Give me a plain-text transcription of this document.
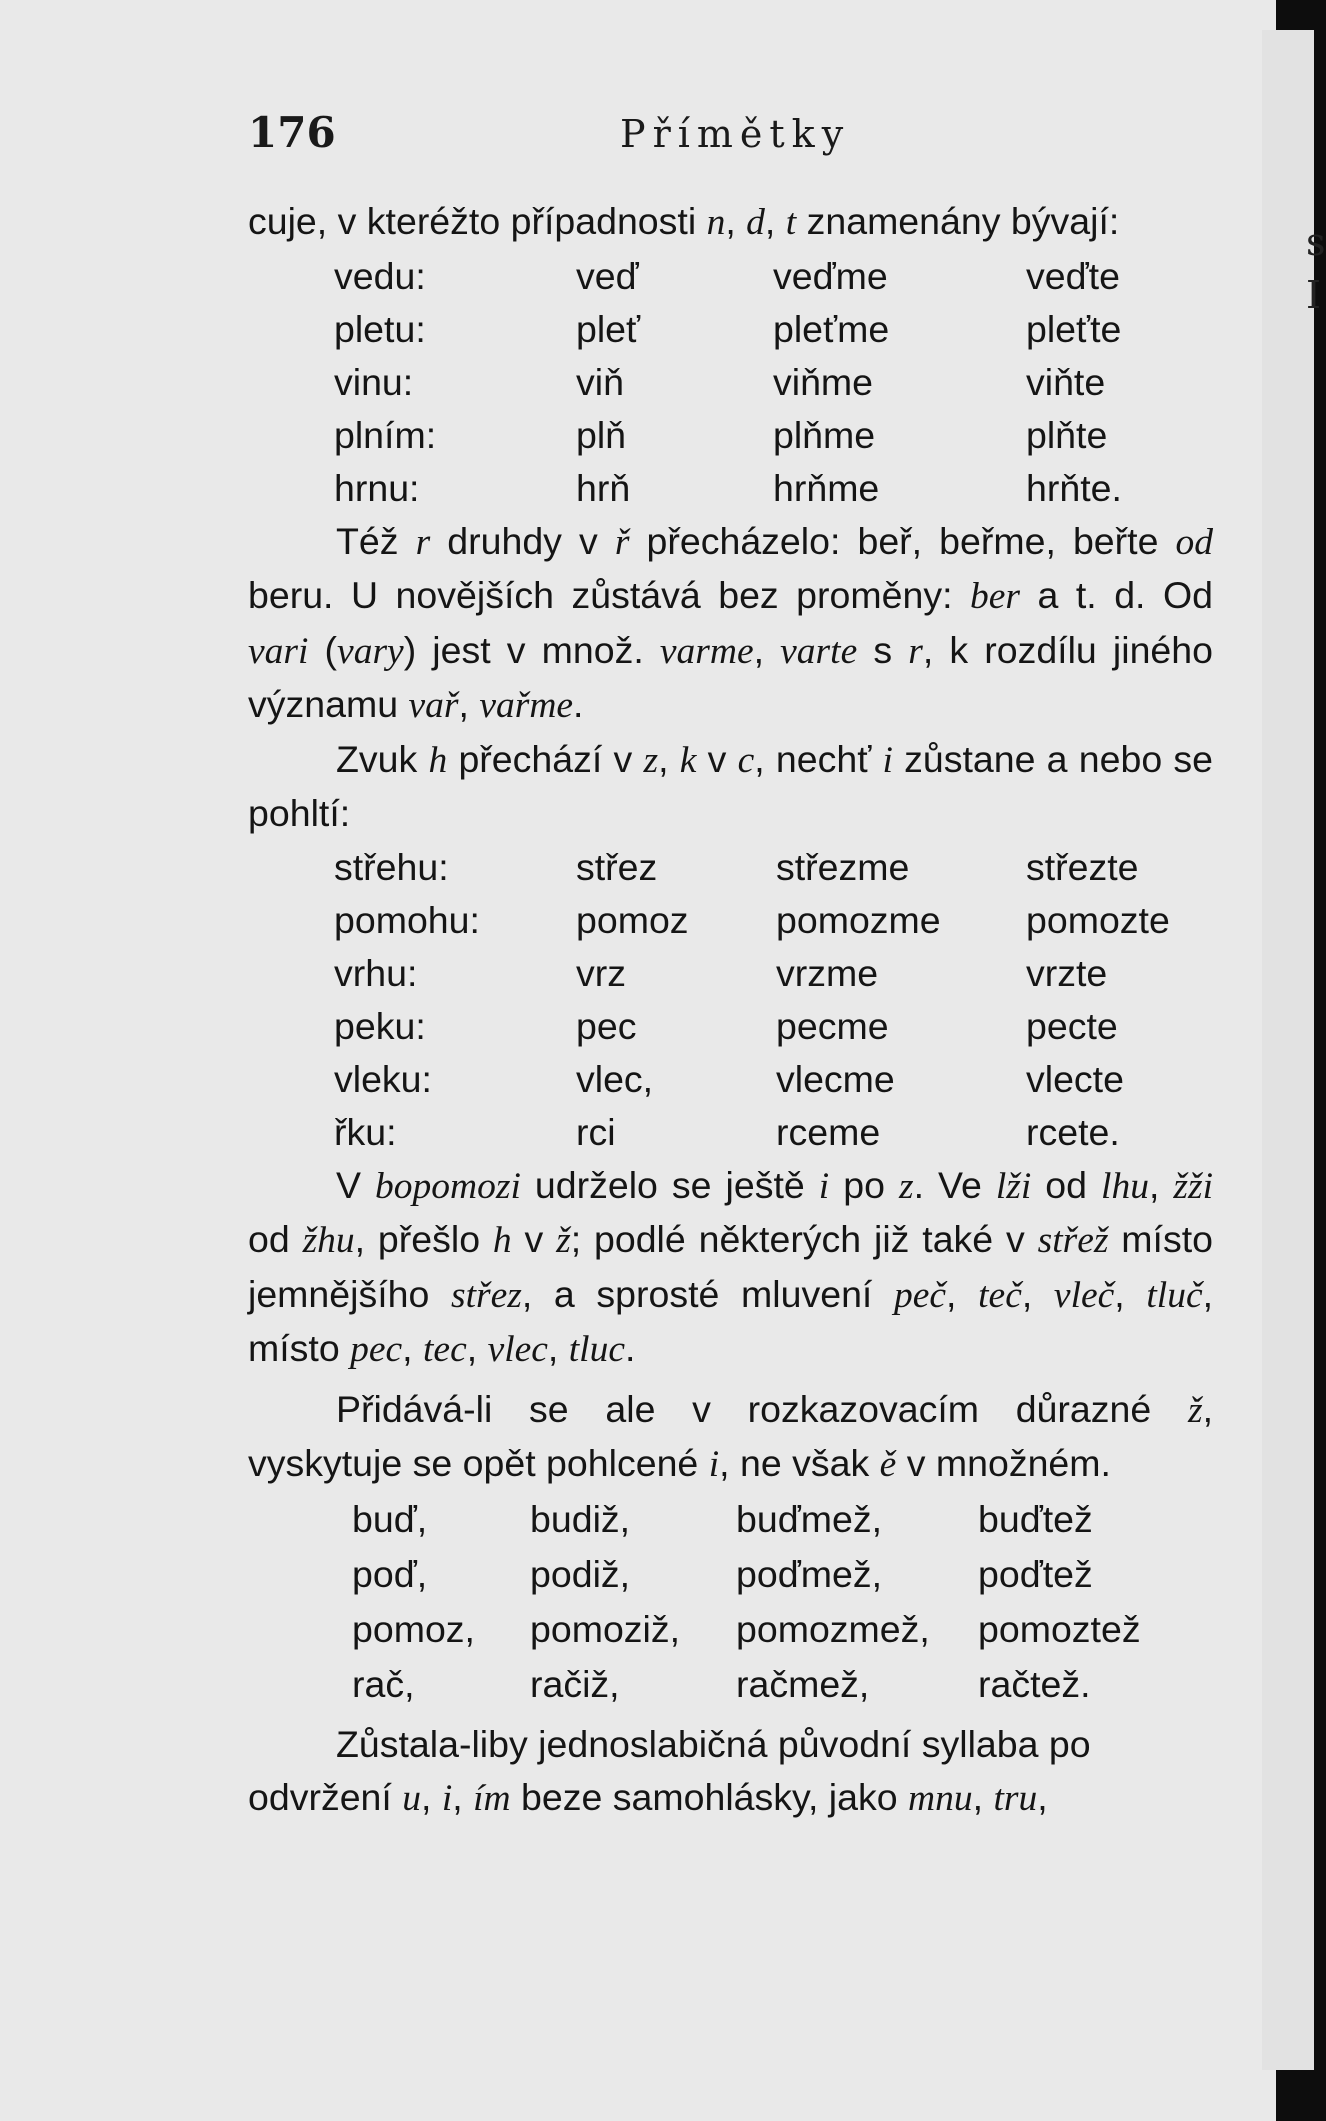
176	Přímětky

cuje, v kteréžto případnosti n, d, t znamenány bývají:

vedu:	veď	veďme	veďte
pletu:	pleť	pleťme	pleťte
vinu:	viň	viňme	viňte
plním:	plň	plňme	plňte
hrnu:	hrň	hrňme	hrňte.

Též r druhdy v ř přecházelo: beř, beřme, beřte od beru. U novějších zůstává bez proměny: ber a t. d. Od vari (vary) jest v množ. varme, varte s r, k rozdílu jiného významu vař, vařme.

Zvuk h přechází v z, k v c, nechť i zůstane a nebo se pohltí:

střehu:	střez	střezme	střezte
pomohu:	pomoz	pomozme	pomozte
vrhu:	vrz	vrzme	vrzte
peku:	pec	pecme	pecte
vleku:	vlec,	vlecme	vlecte
řku:	rci	rceme	rcete.

V bopomozi udrželo se ještě i po z. Ve lži od lhu, žži od žhu, přešlo h v ž; podlé některých již také v střež místo jemnějšího střez, a sprosté mluvení peč, teč, vleč, tluč, místo pec, tec, vlec, tluc.

Přidává-li se ale v rozkazovacím důrazné ž, vyskytuje se opět pohlcené i, ne však ě v množném.

buď,	budiž,	buďmež,	buďtež
poď,	podiž,	poďmež,	poďtež
pomoz,	pomoziž,	pomozmež,	pomoztež
rač,	račiž,	račmež,	račtež.

Zůstala-liby jednoslabičná původní syllaba po odvržení u, i, ím beze samohlásky, jako mnu, tru,

s
I
